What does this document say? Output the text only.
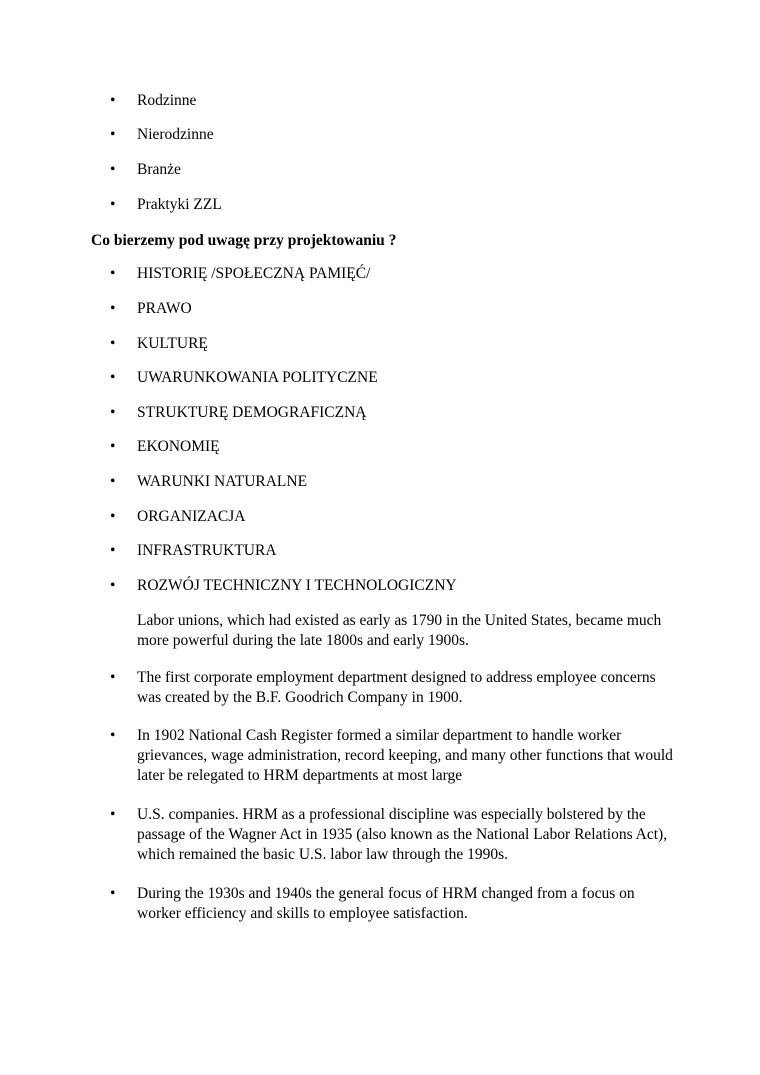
•	Rodzinne
•	Nierodzinne
•	Branże
•	Praktyki ZZL
Co bierzemy pod uwagę przy projektowaniu ?
•	HISTORIĘ /SPOŁECZNĄ PAMIĘĆ/
•	PRAWO
•	KULTURĘ
•	UWARUNKOWANIA POLITYCZNE
•	STRUKTURĘ DEMOGRAFICZNĄ
•	EKONOMIĘ
•	WARUNKI NATURALNE
•	ORGANIZACJA
•	INFRASTRUKTURA
•	ROZWÓJ TECHNICZNY I TECHNOLOGICZNY
Labor unions, which had existed as early as 1790 in the United States, became much more powerful during the late 1800s and early 1900s.
•	The first corporate employment department designed to address employee concerns was created by the B.F. Goodrich Company in 1900.
•	In 1902 National Cash Register formed a similar department to handle worker grievances, wage administration, record keeping, and many other functions that would later be relegated to HRM departments at most large
•	U.S. companies. HRM as a professional discipline was especially bolstered by the passage of the Wagner Act in 1935 (also known as the National Labor Relations Act), which remained the basic U.S. labor law through the 1990s.
•	During the 1930s and 1940s the general focus of HRM changed from a focus on worker efficiency and skills to employee satisfaction.
